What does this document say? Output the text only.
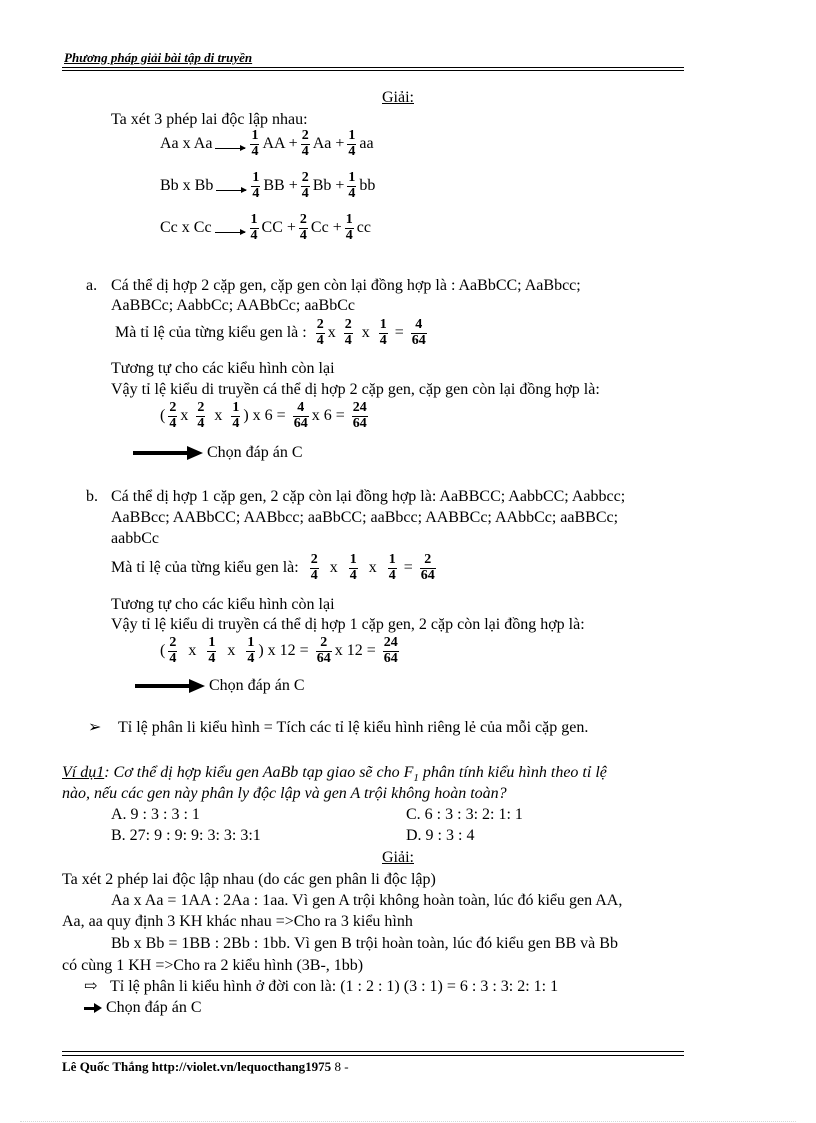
Phương pháp giải bài tập di truyền
Giải:
Ta xét 3 phép lai độc lập nhau:
Aa x Aa	$\frac{1}{4}$ AA + $\frac{2}{4}$ $Aa + \frac{1}{4}$ aa
Bb x Bb	$\frac{1}{4}$ BB + $\frac{2}{4}$ $Bb + \frac{1}{4}$ bb
Cc x Cc	$\frac{1}{4}$ CC + $\frac{2}{4}$ $Cc + \frac{1}{4}$ cc
a. Cá thể dị hợp 2 cặp gen, cặp gen còn lại đồng hợp là : AaBbCC; AaBbcc;
AaBBCc; AabbCc; AABbCc; aaBbCc
Mà tỉ lệ của từng kiểu gen là : $\frac{2}{4}$ x $\frac{2}{4}$ x $\frac{1}{4} = \frac{4}{64}$
Tương tự cho các kiểu hình còn lại
Vậy tỉ lệ kiểu di truyền cá thể dị hợp 2 cặp gen, cặp gen còn lại đồng hợp là:
( $\frac{2}{4}$ x $\frac{2}{4}$ x $\frac{1}{4}$ ) x $6 = \frac{4}{64}$ x $6 = \frac{24}{64}$
Chọn đáp án C
b. Cá thể dị hợp 1 cặp gen, 2 cặp còn lại đồng hợp là: AaBBCC; AabbCC; Aabbcc;
AaBBcc; AABbCC; AABbcc; aaBbCC; aaBbcc; AABBCc; AAbbCc; aaBBCc;
aabbCc
Mà tỉ lệ của từng kiểu gen là: $\frac{2}{4}$ x $\frac{1}{4}$ x $\frac{1}{4} = \frac{2}{64}$
Tương tự cho các kiểu hình còn lại
Vậy tỉ lệ kiểu di truyền cá thể dị hợp 1 cặp gen, 2 cặp còn lại đồng hợp là:
( $\frac{2}{4}$ x $\frac{1}{4}$ x $\frac{1}{4}$ ) x $12 = \frac{2}{64}$ x $12 = \frac{24}{64}$
Chọn đáp án C
➢ Tỉ lệ phân li kiểu hình = Tích các tỉ lệ kiểu hình riêng lẻ của mỗi cặp gen.
Ví dụ1: Cơ thể dị hợp kiểu gen AaBb tạp giao sẽ cho $F_1$ phân tính kiểu hình theo tỉ lệ
nào, nếu các gen này phân ly độc lập và gen A trội không hoàn toàn?
A. 9 : 3 : 3 : 1	C. 6 : 3 : 3: 2: 1: 1
B. 27: 9 : 9: 9: 3: 3: 3:1	D. 9 : 3 : 4
Giải:
Ta xét 2 phép lai độc lập nhau (do các gen phân li độc lập)
Aa x Aa = 1AA : 2Aa : 1aa. Vì gen A trội không hoàn toàn, lúc đó kiểu gen AA,
Aa, aa quy định 3 KH khác nhau =>Cho ra 3 kiểu hình
Bb x Bb = 1BB : 2Bb : 1bb. Vì gen B trội hoàn toàn, lúc đó kiểu gen BB và Bb
có cùng 1 KH =>Cho ra 2 kiểu hình (3B-, 1bb)
⇨ Tỉ lệ phân li kiểu hình ở đời con là: (1 : 2 : 1) (3 : 1) = 6 : 3 : 3: 2: 1: 1
Chọn đáp án C
Lê Quốc Thắng http://violet.vn/lequocthang1975 8 -
